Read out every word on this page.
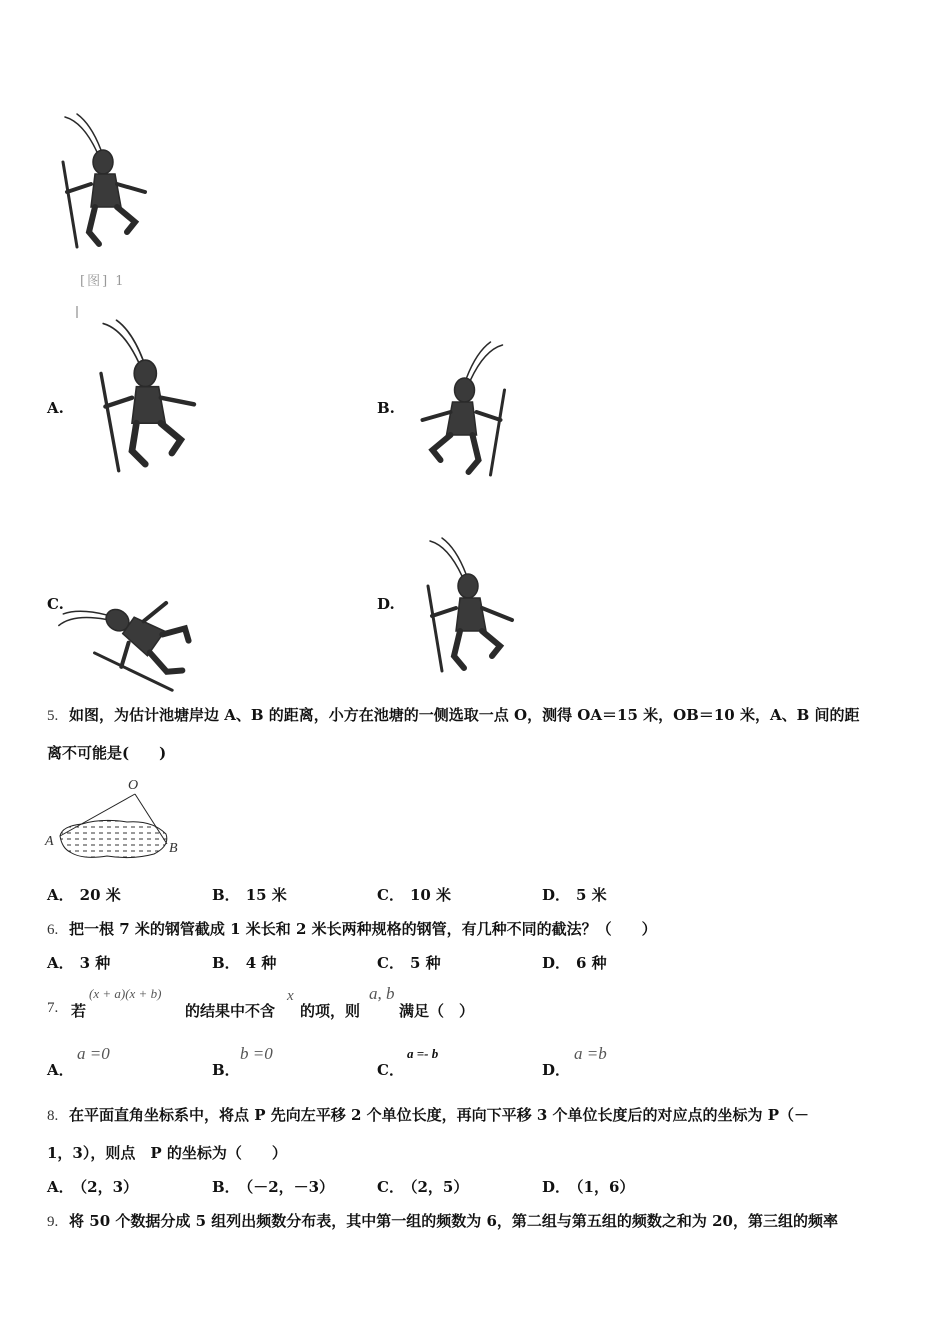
[图] 1
A.	B.
C.	D.
5. 如图，为估计池塘岸边 A、B 的距离，小方在池塘的一侧选取一点 O，测得 OA＝15 米，OB＝10 米，A、B 间的距
离不可能是(　　)
O
A	B
A． 20 米	B． 15 米	C． 10 米	D． 5 米
6. 把一根 7 米的钢管截成 1 米长和 2 米长两种规格的钢管，有几种不同的截法？（　　）
A． 3 种	B． 4 种	C． 5 种	D． 6 种
7. 若
(x + a)(x + b)
的结果中不含
x
的项，则
a, b
满足（　）
A．
a =0
B．
b =0
C．
a =- b
D．
a =b
8. 在平面直角坐标系中，将点 P 先向左平移 2 个单位长度，再向下平移 3 个单位长度后的对应点的坐标为 P（－
1，3），则点　P 的坐标为（　　）
A． （2，3）	B． （－2，－3）	C． （2，5）	D． （1，6）
9. 将 50 个数据分成 5 组列出频数分布表，其中第一组的频数为 6，第二组与第五组的频数之和为 20，第三组的频率
